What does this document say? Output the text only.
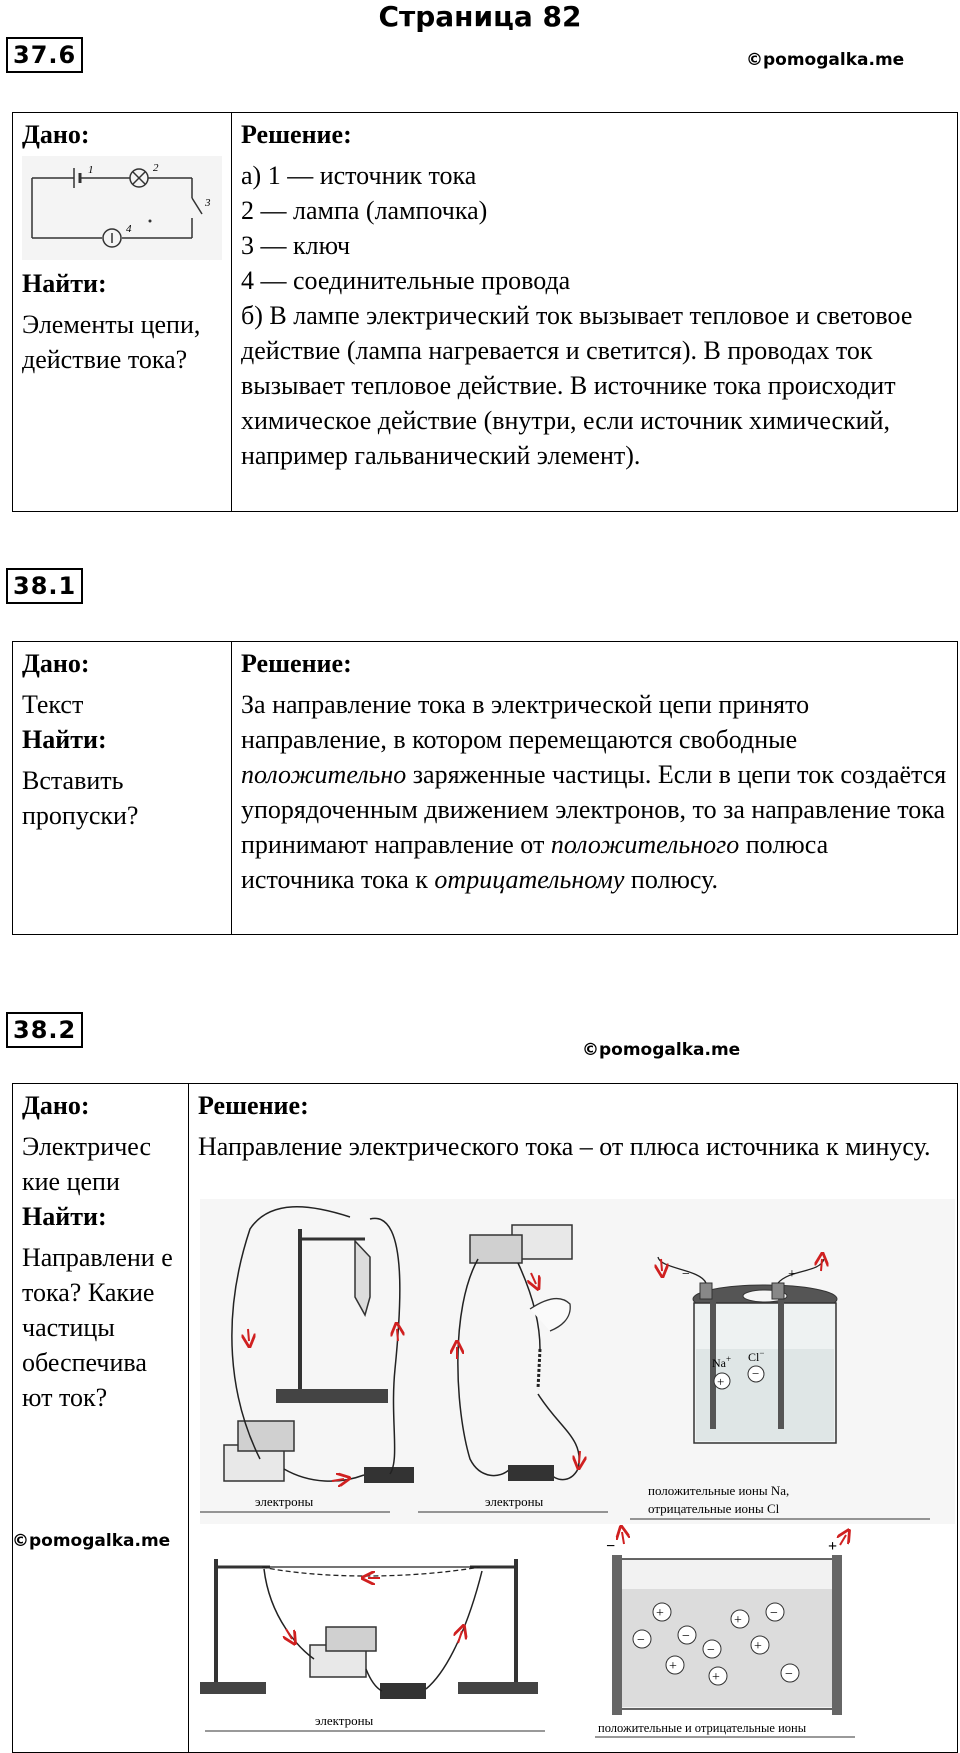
Страница 82
37.6	©pomogalka.me
Дано:
1	2
3
4
Найти:
Элементы цепи, действие тока?

Решение:
а) 1 — источник тока
2 — лампа (лампочка)
3 — ключ
4 — соединительные провода
б) В лампе электрический ток вызывает тепловое и световое действие (лампа нагревается и светится). В проводах ток вызывает тепловое действие. В источнике тока происходит химическое действие (внутри, если источник химический, например гальванический элемент).
38.1
Дано:
Текст
Найти:
Вставить пропуски?

Решение:
За направление тока в электрической цепи принято направление, в котором перемещаются свободные положительно заряженные частицы. Если в цепи ток создаётся упорядоченным движением электронов, то за направление тока принимают направление от положительного полюса источника тока к отрицательному полюсу.
38.2
©pomogalka.me
Дано:
Электричес кие цепи
Найти:
Направлени е тока? Какие частицы обеспечива ют ток?

Решение:
Направление электрического тока – от плюса источника к минусу.
©pomogalka.me
электроны	электроны
−	+
Na+ Cl−
+
−
положительные ионы Na,
отрицательные ионы Cl
электроны
−	+
+	+ −
−	−
−	+
+
+	−
положительные и отрицательные ионы
